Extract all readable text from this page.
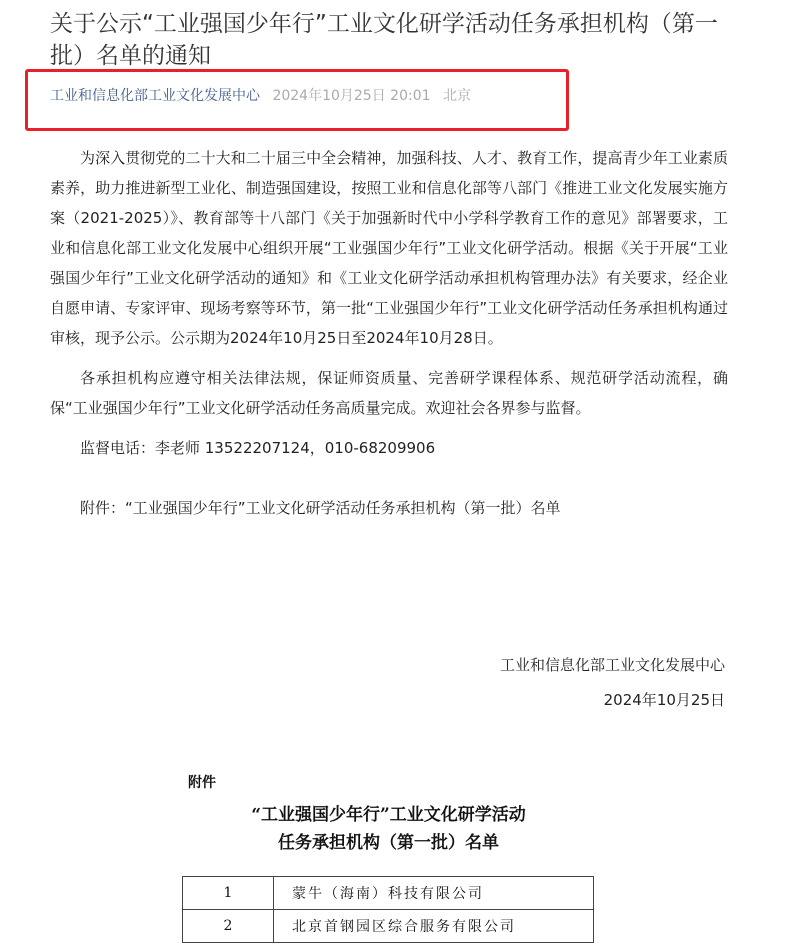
关于公示“工业强国少年行”工业文化研学活动任务承担机构（第一批）名单的通知
工业和信息化部工业文化发展中心 2024年10月25日 20:01 北京

为深入贯彻党的二十大和二十届三中全会精神，加强科技、人才、教育工作，提高青少年工业素质素养，助力推进新型工业化、制造强国建设，按照工业和信息化部等八部门《推进工业文化发展实施方案（2021-2025）》、教育部等十八部门《关于加强新时代中小学科学教育工作的意见》部署要求，工业和信息化部工业文化发展中心组织开展“工业强国少年行”工业文化研学活动。根据《关于开展“工业强国少年行”工业文化研学活动的通知》和《工业文化研学活动承担机构管理办法》有关要求，经企业自愿申请、专家评审、现场考察等环节，第一批“工业强国少年行”工业文化研学活动任务承担机构通过审核，现予公示。公示期为2024年10月25日至2024年10月28日。

各承担机构应遵守相关法律法规，保证师资质量、完善研学课程体系、规范研学活动流程，确保“工业强国少年行”工业文化研学活动任务高质量完成。欢迎社会各界参与监督。

监督电话：李老师 13522207124，010-68209906

附件：“工业强国少年行”工业文化研学活动任务承担机构（第一批）名单

工业和信息化部工业文化发展中心
2024年10月25日
附件
“工业强国少年行”工业文化研学活动
任务承担机构（第一批）名单
1	蒙牛（海南）科技有限公司
2	北京首钢园区综合服务有限公司
